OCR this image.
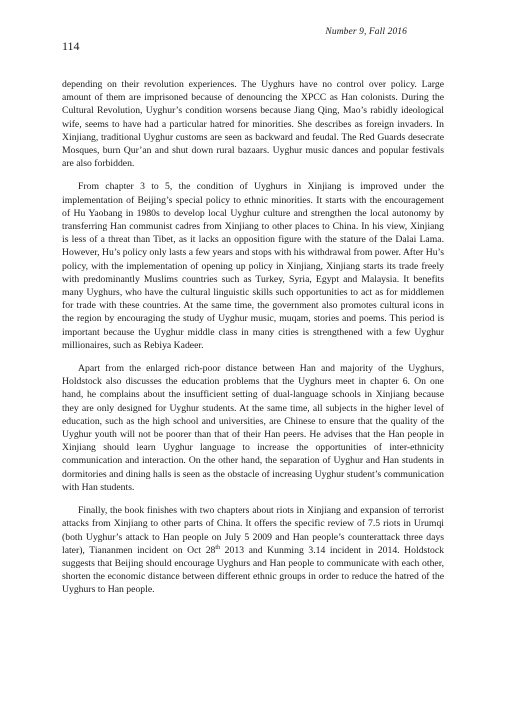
Number 9, Fall 2016
114

depending on their revolution experiences. The Uyghurs have no control over policy. Large amount of them are imprisoned because of denouncing the XPCC as Han colonists. During the Cultural Revolution, Uyghur’s condition worsens because Jiang Qing, Mao’s rabidly ideological wife, seems to have had a particular hatred for minorities. She describes as foreign invaders. In Xinjiang, traditional Uyghur customs are seen as backward and feudal. The Red Guards desecrate Mosques, burn Qur’an and shut down rural bazaars. Uyghur music dances and popular festivals are also forbidden.

From chapter 3 to 5, the condition of Uyghurs in Xinjiang is improved under the implementation of Beijing’s special policy to ethnic minorities. It starts with the encouragement of Hu Yaobang in 1980s to develop local Uyghur culture and strengthen the local autonomy by transferring Han communist cadres from Xinjiang to other places to China. In his view, Xinjiang is less of a threat than Tibet, as it lacks an opposition figure with the stature of the Dalai Lama. However, Hu’s policy only lasts a few years and stops with his withdrawal from power. After Hu’s policy, with the implementation of opening up policy in Xinjiang, Xinjiang starts its trade freely with predominantly Muslims countries such as Turkey, Syria, Egypt and Malaysia. It benefits many Uyghurs, who have the cultural linguistic skills such opportunities to act as for middlemen for trade with these countries. At the same time, the government also promotes cultural icons in the region by encouraging the study of Uyghur music, muqam, stories and poems. This period is important because the Uyghur middle class in many cities is strengthened with a few Uyghur millionaires, such as Rebiya Kadeer.

Apart from the enlarged rich-poor distance between Han and majority of the Uyghurs, Holdstock also discusses the education problems that the Uyghurs meet in chapter 6. On one hand, he complains about the insufficient setting of dual-language schools in Xinjiang because they are only designed for Uyghur students. At the same time, all subjects in the higher level of education, such as the high school and universities, are Chinese to ensure that the quality of the Uyghur youth will not be poorer than that of their Han peers. He advises that the Han people in Xinjiang should learn Uyghur language to increase the opportunities of inter-ethnicity communication and interaction. On the other hand, the separation of Uyghur and Han students in dormitories and dining halls is seen as the obstacle of increasing Uyghur student’s communication with Han students.

Finally, the book finishes with two chapters about riots in Xinjiang and expansion of terrorist attacks from Xinjiang to other parts of China. It offers the specific review of 7.5 riots in Urumqi (both Uyghur’s attack to Han people on July 5 2009 and Han people’s counterattack three days later), Tiananmen incident on Oct 28th 2013 and Kunming 3.14 incident in 2014. Holdstock suggests that Beijing should encourage Uyghurs and Han people to communicate with each other, shorten the economic distance between different ethnic groups in order to reduce the hatred of the Uyghurs to Han people.
